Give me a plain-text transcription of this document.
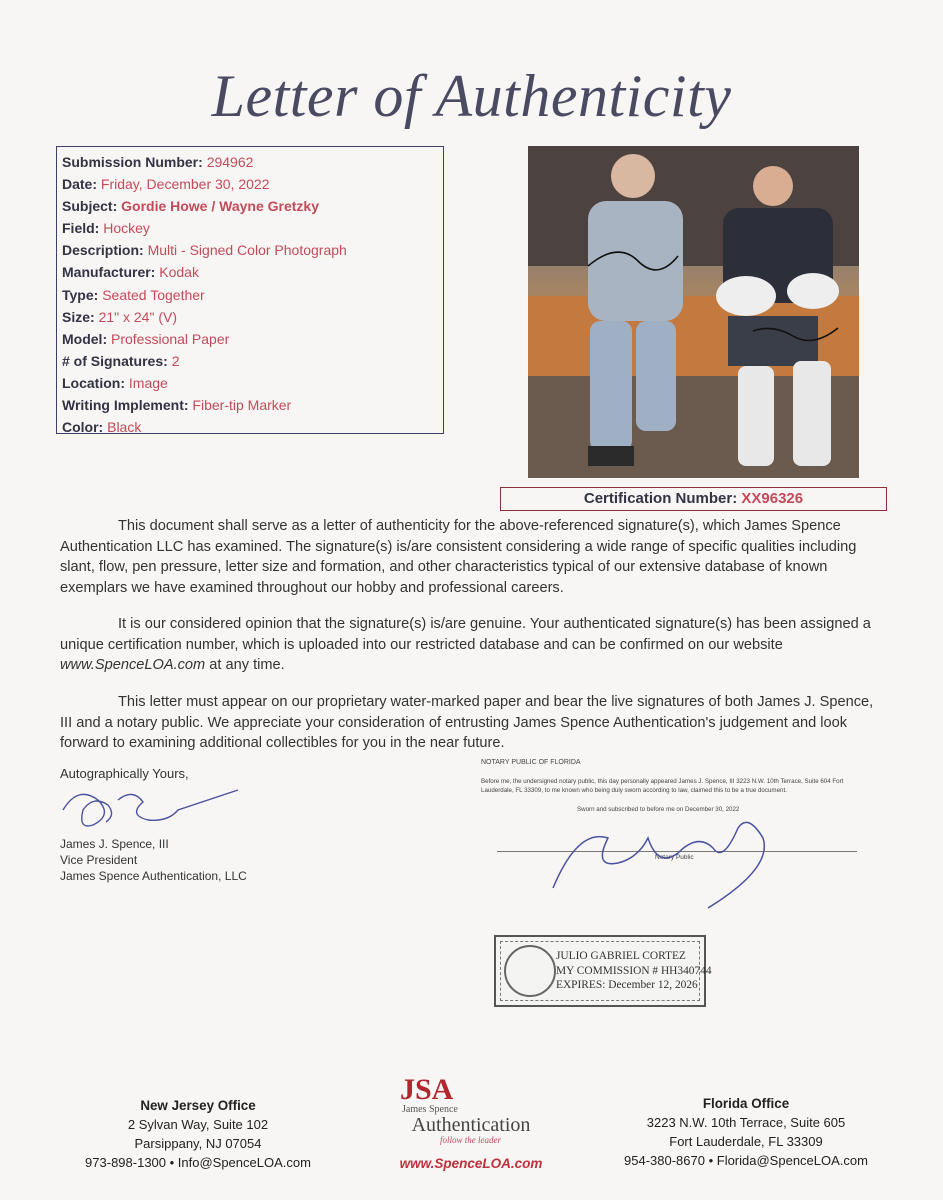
Letter of Authenticity
Submission Number: 294962
Date: Friday, December 30, 2022
Subject: Gordie Howe / Wayne Gretzky
Field: Hockey
Description: Multi - Signed Color Photograph
Manufacturer: Kodak
Type: Seated Together
Size: 21" x 24" (V)
Model: Professional Paper
# of Signatures: 2
Location: Image
Writing Implement: Fiber-tip Marker
Color: Black
Certification Number: XX96326
This document shall serve as a letter of authenticity for the above-referenced signature(s), which James Spence Authentication LLC has examined. The signature(s) is/are consistent considering a wide range of specific qualities including slant, flow, pen pressure, letter size and formation, and other characteristics typical of our extensive database of known exemplars we have examined throughout our hobby and professional careers.
It is our considered opinion that the signature(s) is/are genuine. Your authenticated signature(s) has been assigned a unique certification number, which is uploaded into our restricted database and can be confirmed on our website www.SpenceLOA.com at any time.
This letter must appear on our proprietary water-marked paper and bear the live signatures of both James J. Spence, III and a notary public. We appreciate your consideration of entrusting James Spence Authentication's judgement and look forward to examining additional collectibles for you in the near future.
Autographically Yours,
James J. Spence, III
Vice President
James Spence Authentication, LLC
NOTARY PUBLIC OF FLORIDA
Before me, the undersigned notary public, this day personally appeared James J. Spence, III 3223 N.W. 10th Terrace, Suite 604 Fort Lauderdale, FL 33309, to me known who being duly sworn according to law, claimed this to be a true document.
Sworn and subscribed to before me on December 30, 2022
Notary Public
JULIO GABRIEL CORTEZ
MY COMMISSION # HH340744
EXPIRES: December 12, 2026
New Jersey Office
2 Sylvan Way, Suite 102
Parsippany, NJ 07054
973-898-1300 • Info@SpenceLOA.com
JSA
James Spence
Authentication
follow the leader
www.SpenceLOA.com
Florida Office
3223 N.W. 10th Terrace, Suite 605
Fort Lauderdale, FL 33309
954-380-8670 • Florida@SpenceLOA.com
